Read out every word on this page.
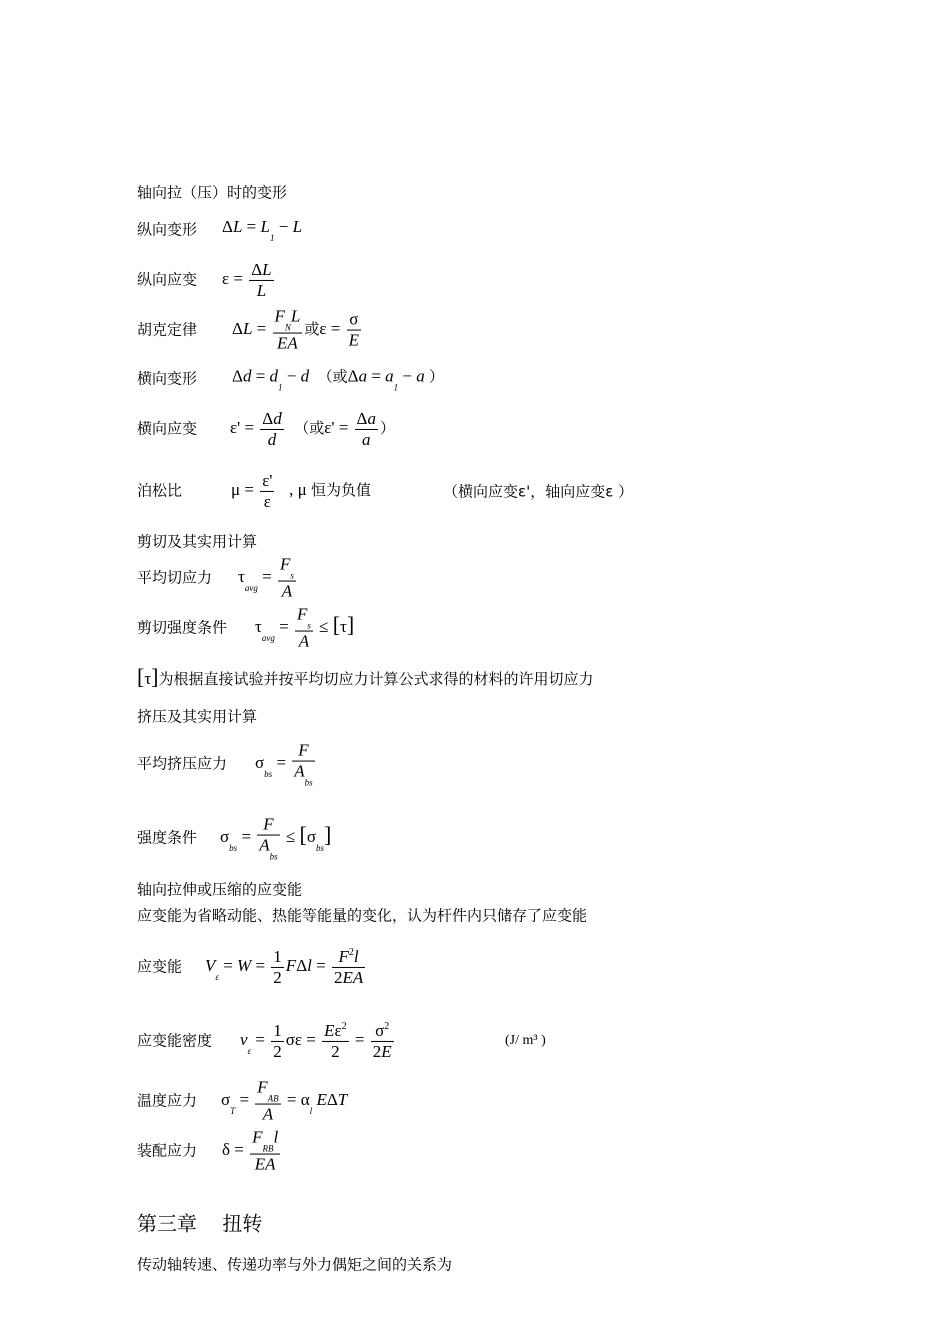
轴向拉（压）时的变形
纵向变形 $\Delta L = L_1 - L$
纵向应变 $\varepsilon = \frac{\Delta L}{L}$
胡克定律 $\Delta L = \frac{F_NL}{EA}$ 或$\varepsilon = \frac{\sigma}{E}$
横向变形 $\Delta d = d_1 - d$ （或$\Delta a = a_1 - a$ ）
横向应变 $\varepsilon' = \frac{\Delta d}{d}$ （或$\varepsilon' = \frac{\Delta a}{a}$ ）
泊松比	$\mu = \frac{\varepsilon'}{\varepsilon}$ , μ 恒为负值	（横向应变ε'，轴向应变ε ）
剪切及其实用计算
平均切应力 $\tau_{avg} = \frac{F_s}{A}$
剪切强度条件 $\tau_{avg} = \frac{F_s}{A} \le [\tau]$
[τ]为根据直接试验并按平均切应力计算公式求得的材料的许用切应力
挤压及其实用计算
平均挤压应力 $\sigma_{bs} = \frac{F}{A_{bs}}$
强度条件 $\sigma_{bs} = \frac{F}{A_{bs}} \le [\sigma_{bs}]$
轴向拉伸或压缩的应变能
应变能为省略动能、热能等能量的变化，认为杆件内只储存了应变能
应变能 $V_\varepsilon = W = \frac{1}{2}$ $F\Delta l = \frac{F^2l}{2EA}$
应变能密度 $v_\varepsilon = \frac{1}{2}$ $\sigma\varepsilon = \frac{E\varepsilon^2}{2} = \frac{\sigma^2}{2E}$	(J/ m³ )
温度应力 $\sigma_T = \frac{F_{AB}}{A} = \alpha_l$ EΔT
装配应力 $\delta = \frac{F_{RB}l}{EA}$
第三章    扭转
传动轴转速、传递功率与外力偶矩之间的关系为
